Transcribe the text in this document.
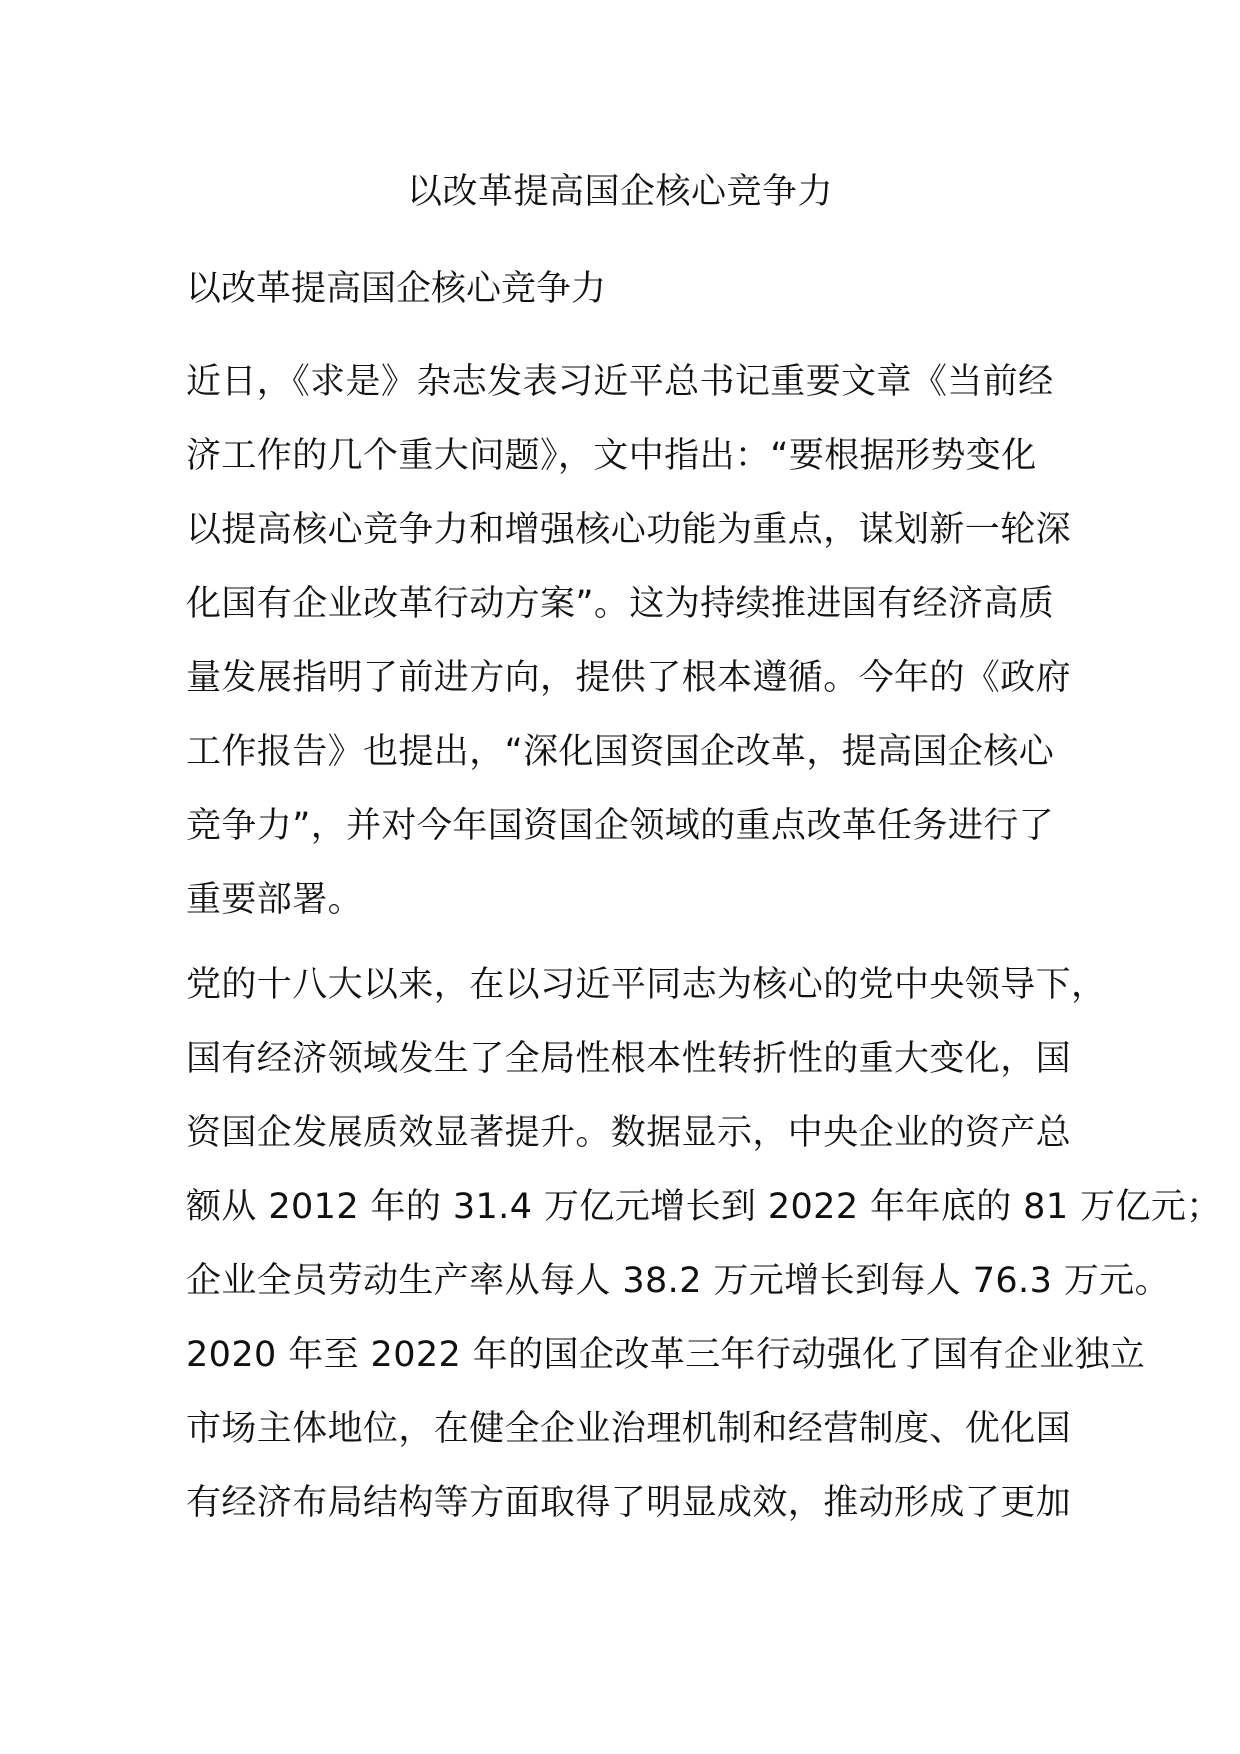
以改革提高国企核心竞争力
以改革提高国企核心竞争力
近日，《求是》杂志发表习近平总书记重要文章《当前经
济工作的几个重大问题》，文中指出：“要根据形势变化
以提高核心竞争力和增强核心功能为重点，谋划新一轮深
化国有企业改革行动方案”。这为持续推进国有经济高质
量发展指明了前进方向，提供了根本遵循。今年的《政府
工作报告》也提出，“深化国资国企改革，提高国企核心
竞争力”，并对今年国资国企领域的重点改革任务进行了
重要部署。
党的十八大以来，在以习近平同志为核心的党中央领导下，
国有经济领域发生了全局性根本性转折性的重大变化，国
资国企发展质效显著提升。数据显示，中央企业的资产总
额从 2012 年的 31.4 万亿元增长到 2022 年年底的 81 万亿元；
企业全员劳动生产率从每人 38.2 万元增长到每人 76.3 万元。
2020 年至 2022 年的国企改革三年行动强化了国有企业独立
市场主体地位，在健全企业治理机制和经营制度、优化国
有经济布局结构等方面取得了明显成效，推动形成了更加
